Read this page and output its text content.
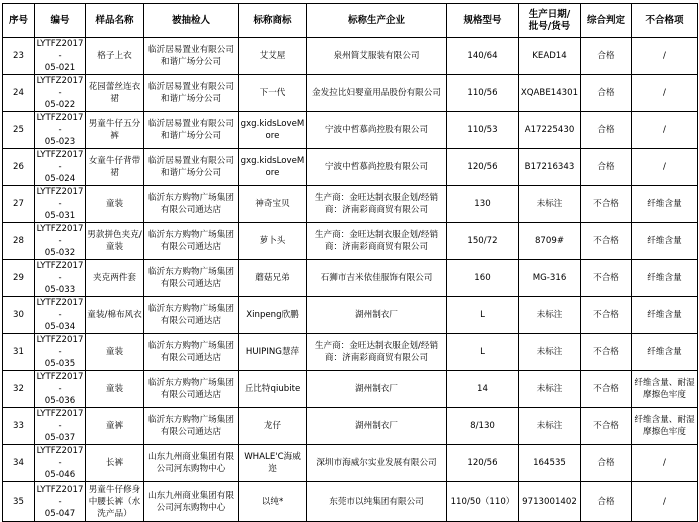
序号	编号	样品名称	被抽检人	标称商标	标称生产企业	规格型号	生产日期/
批号/货号	综合判定	不合格项
23	LYTFZ2017-
05-021	格子上衣	临沂居易置业有限公司和谐广场分公司	艾艾屋	泉州简艾服装有限公司	140/64	KEAD14	合格	/
24	LYTFZ2017-
05-022	花园蕾丝连衣裙	临沂居易置业有限公司和谐广场分公司	下一代	金发拉比妇婴童用品股份有限公司	110/56	XQABE14301	合格	/
25	LYTFZ2017-
05-023	男童牛仔五分裤	临沂居易置业有限公司和谐广场分公司	gxg.kidsLoveMore	宁波中哲慕尚控股有限公司	110/53	A17225430	合格	/
26	LYTFZ2017-
05-024	女童牛仔背带裙	临沂居易置业有限公司和谐广场分公司	gxg.kidsLoveMore	宁波中哲慕尚控股有限公司	120/56	B17216343	合格	/
27	LYTFZ2017-
05-031	童装	临沂东方购物广场集团有限公司通达店	神奇宝贝	生产商：金旺达制衣服企划/经销商：济南彩商商贸有限公司	130	未标注	不合格	纤维含量
28	LYTFZ2017-
05-032	男款拼色夹克/童装	临沂东方购物广场集团有限公司通达店	萝卜头	生产商：金旺达制衣服企划/经销商：济南彩商商贸有限公司	150/72	8709#	不合格	纤维含量
29	LYTFZ2017-
05-033	夹克两件套	临沂东方购物广场集团有限公司通达店	蘑菇兄弟	石狮市吉米依佳服饰有限公司	160	MG-316	不合格	纤维含量
30	LYTFZ2017-
05-034	童装/棉布风衣	临沂东方购物广场集团有限公司通达店	Xinpeng欣鹏	湖州制衣厂	L	未标注	不合格	纤维含量
31	LYTFZ2017-
05-035	童装	临沂东方购物广场集团有限公司通达店	HUIPING慧萍	生产商：金旺达制衣服企划/经销商：济南彩商商贸有限公司	L	未标注	不合格	纤维含量
32	LYTFZ2017-
05-036	童装	临沂东方购物广场集团有限公司通达店	丘比特qiubite	湖州制衣厂	14	未标注	不合格	纤维含量、耐湿摩擦色牢度
33	LYTFZ2017-
05-037	童裤	临沂东方购物广场集团有限公司通达店	龙仔	湖州制衣厂	8/130	未标注	不合格	纤维含量、耐湿摩擦色牢度
34	LYTFZ2017-
05-046	长裤	山东九州商业集团有限公司河东购物中心	WHALE'C海威迩	深圳市海威尔实业发展有限公司	120/56	164535	合格	/
35	LYTFZ2017-
05-047	男童牛仔修身中腰长裤（水洗产品）	山东九州商业集团有限公司河东购物中心	以纯*	东莞市以纯集团有限公司	110/50（110）	9713001402	合格	/
